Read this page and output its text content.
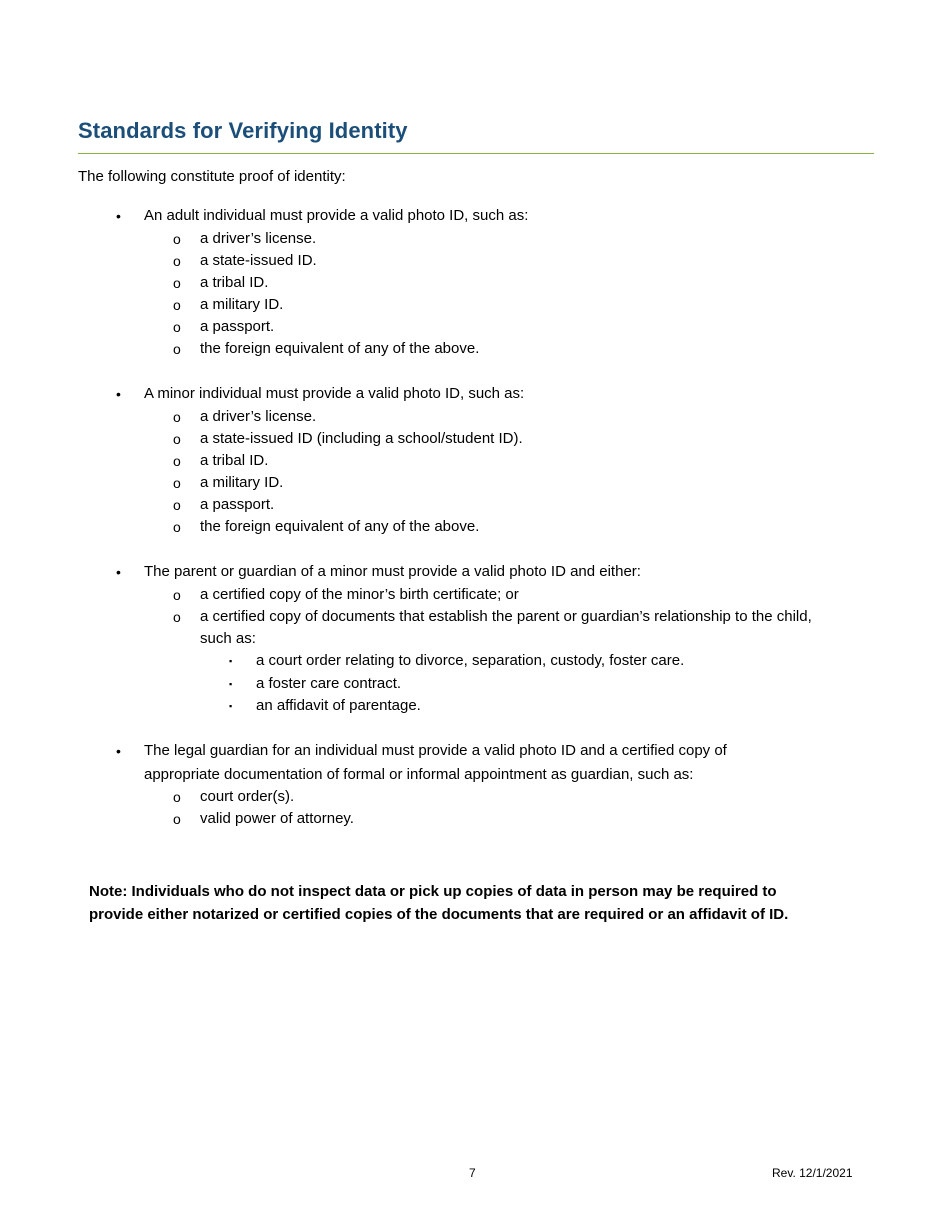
Standards for Verifying Identity
The following constitute proof of identity:
• An adult individual must provide a valid photo ID, such as:
o a driver’s license.
o a state-issued ID.
o a tribal ID.
o a military ID.
o a passport.
o the foreign equivalent of any of the above.
• A minor individual must provide a valid photo ID, such as:
o a driver’s license.
o a state-issued ID (including a school/student ID).
o a tribal ID.
o a military ID.
o a passport.
o the foreign equivalent of any of the above.
• The parent or guardian of a minor must provide a valid photo ID and either:
o a certified copy of the minor’s birth certificate; or
o a certified copy of documents that establish the parent or guardian’s relationship to the child,
such as:
▪ a court order relating to divorce, separation, custody, foster care.
▪ a foster care contract.
▪ an affidavit of parentage.
• The legal guardian for an individual must provide a valid photo ID and a certified copy of
appropriate documentation of formal or informal appointment as guardian, such as:
o court order(s).
o valid power of attorney.
Note: Individuals who do not inspect data or pick up copies of data in person may be required to
provide either notarized or certified copies of the documents that are required or an affidavit of ID.
7	Rev. 12/1/2021
